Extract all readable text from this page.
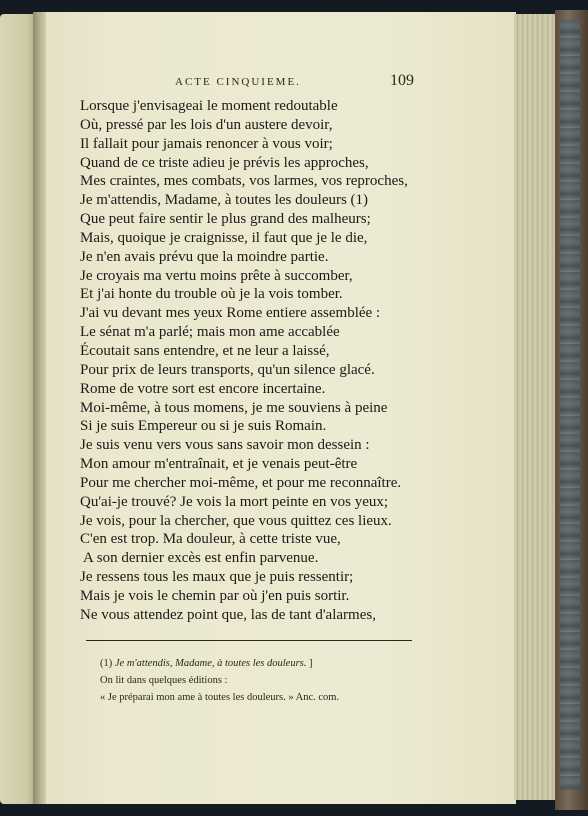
ACTE CINQUIEME.	109
Lorsque j'envisageai le moment redoutable
Où, pressé par les lois d'un austere devoir,
Il fallait pour jamais renoncer à vous voir;
Quand de ce triste adieu je prévis les approches,
Mes craintes, mes combats, vos larmes, vos reproches,
Je m'attendis, Madame, à toutes les douleurs (1)
Que peut faire sentir le plus grand des malheurs;
Mais, quoique je craignisse, il faut que je le die,
Je n'en avais prévu que la moindre partie.
Je croyais ma vertu moins prête à succomber,
Et j'ai honte du trouble où je la vois tomber.
J'ai vu devant mes yeux Rome entiere assemblée :
Le sénat m'a parlé; mais mon ame accablée
Écoutait sans entendre, et ne leur a laissé,
Pour prix de leurs transports, qu'un silence glacé.
Rome de votre sort est encore incertaine.
Moi-même, à tous momens, je me souviens à peine
Si je suis Empereur ou si je suis Romain.
Je suis venu vers vous sans savoir mon dessein :
Mon amour m'entraînait, et je venais peut-être
Pour me chercher moi-même, et pour me reconnaître.
Qu'ai-je trouvé? Je vois la mort peinte en vos yeux;
Je vois, pour la chercher, que vous quittez ces lieux.
C'en est trop. Ma douleur, à cette triste vue,
A son dernier excès est enfin parvenue.
Je ressens tous les maux que je puis ressentir;
Mais je vois le chemin par où j'en puis sortir.
Ne vous attendez point que, las de tant d'alarmes,
(1) Je m'attendis, Madame, à toutes les douleurs. ]
On lit dans quelques éditions :
« Je préparai mon ame à toutes les douleurs. » Anc. com.
